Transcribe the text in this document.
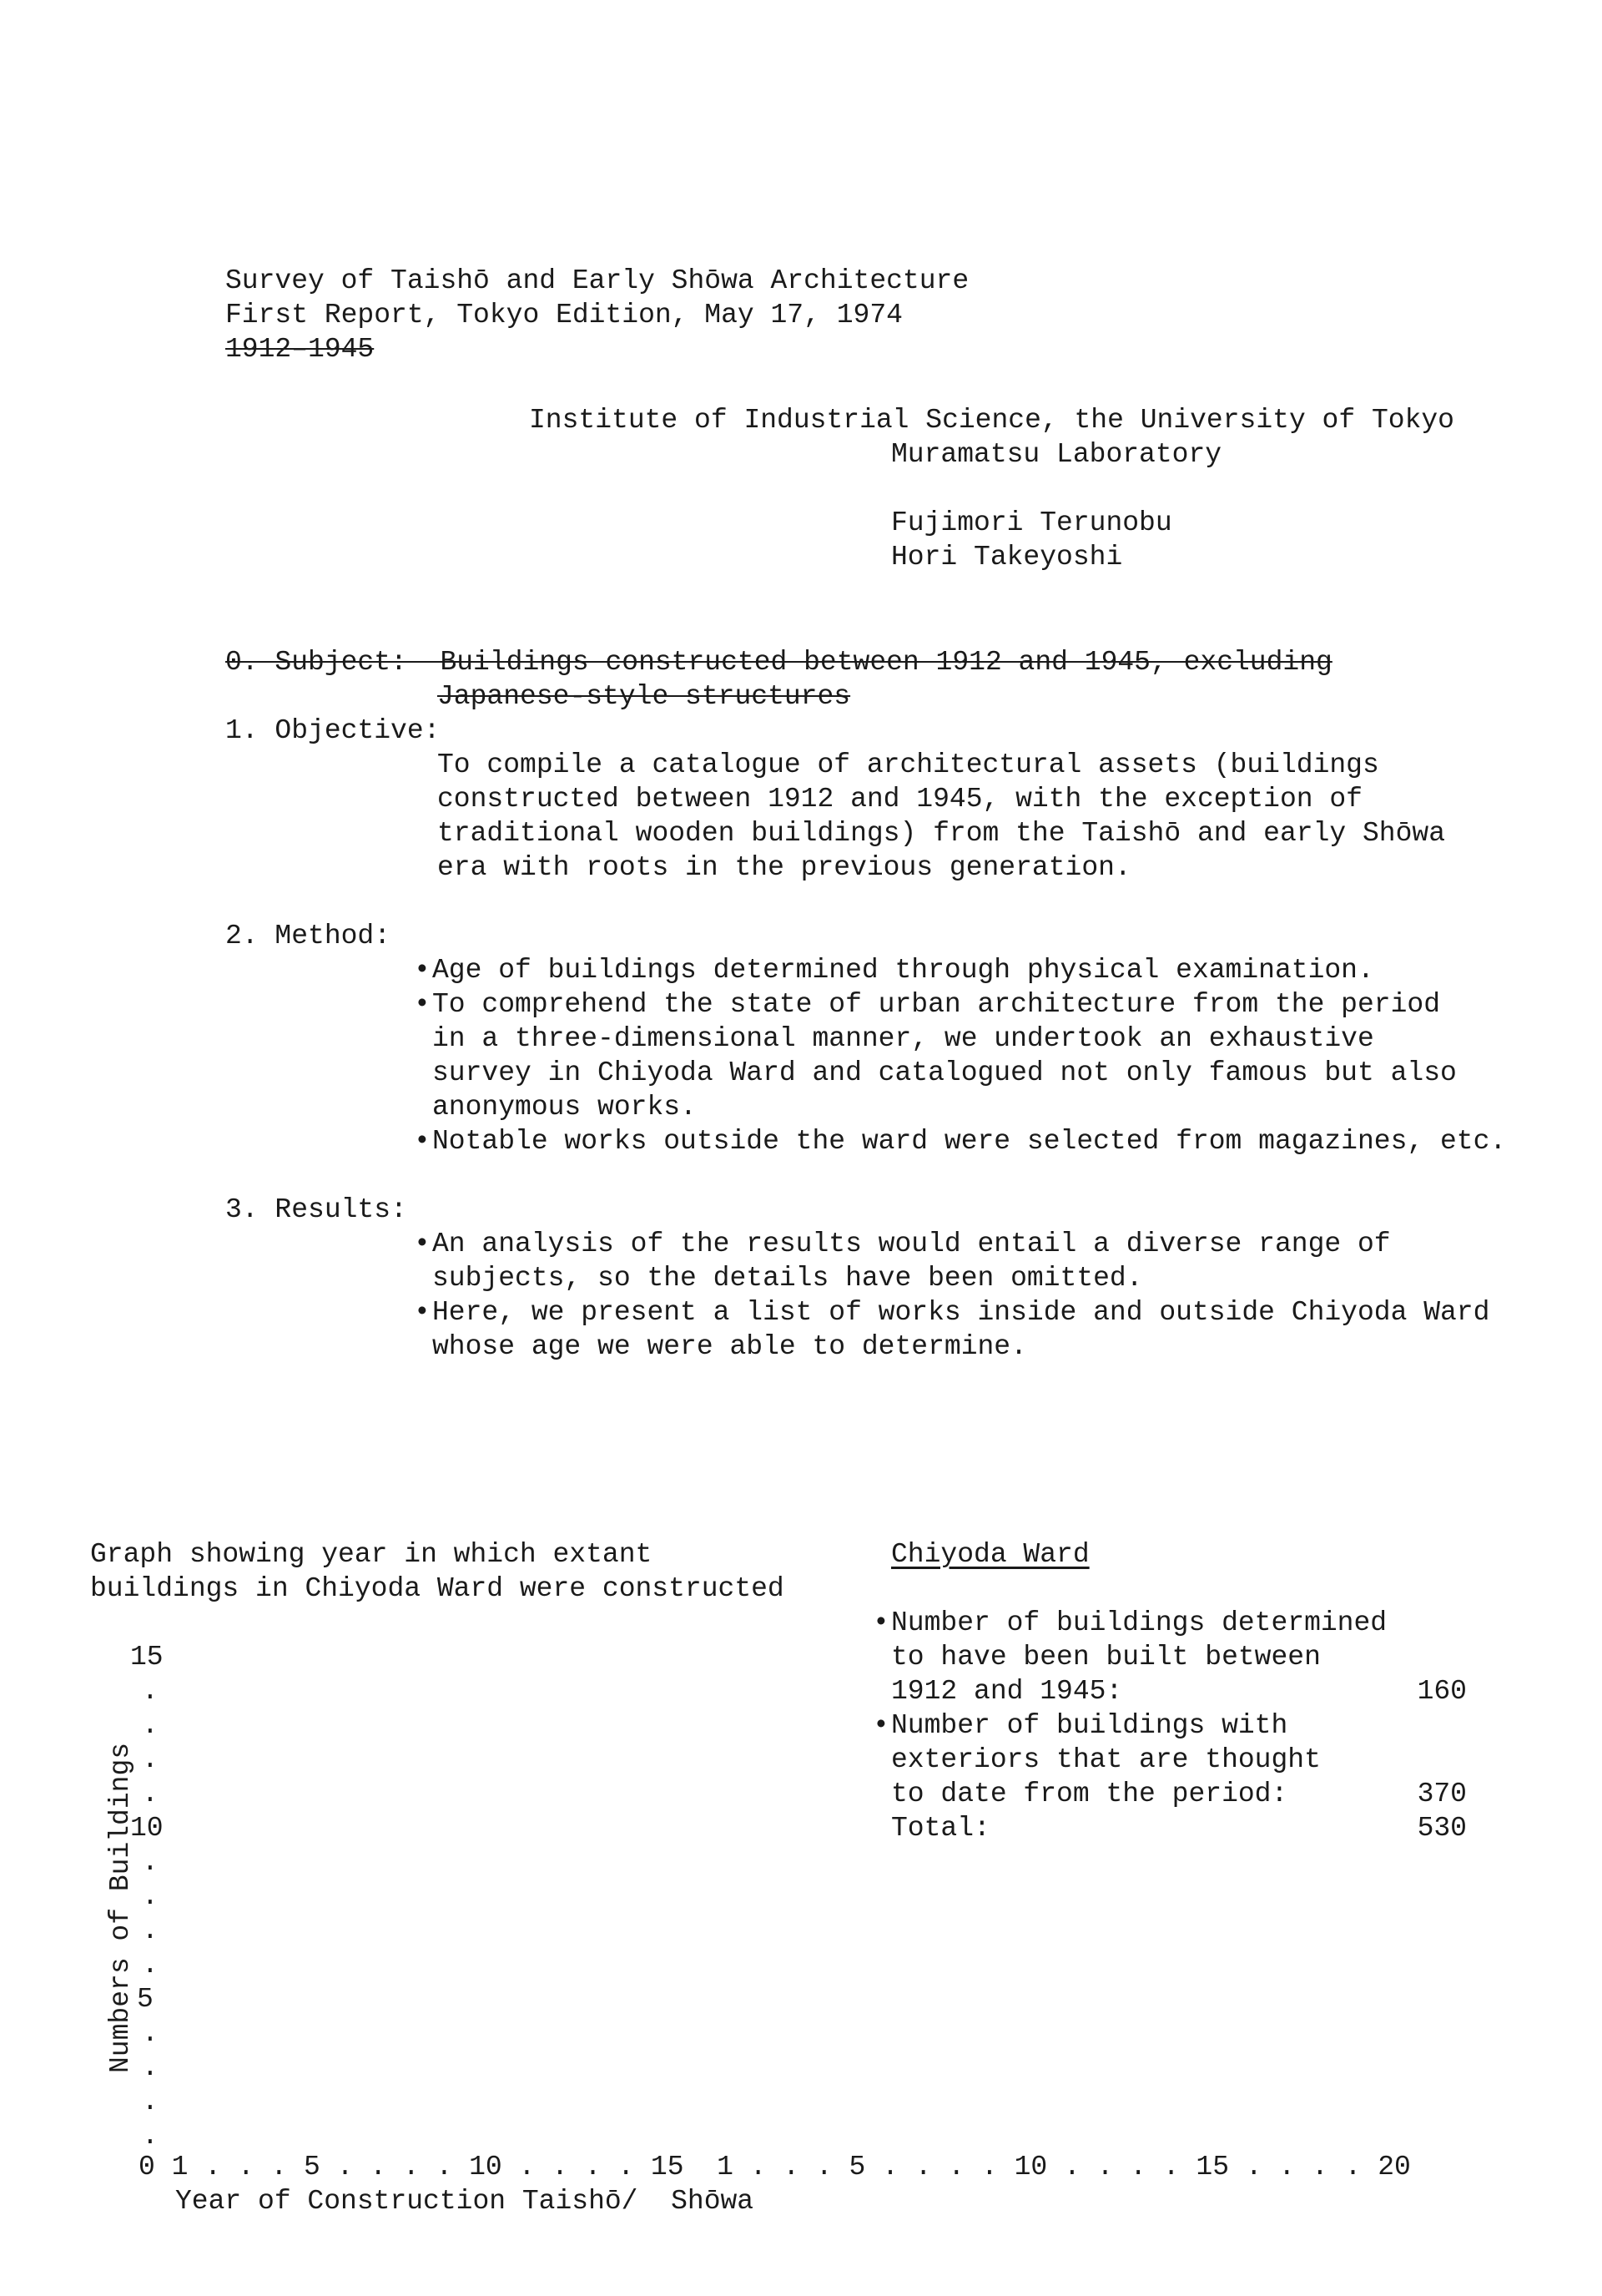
Survey of Taishō and Early Shōwa Architecture
First Report, Tokyo Edition, May 17, 1974
1912–1945
Institute of Industrial Science, the University of Tokyo
Muramatsu Laboratory
Fujimori Terunobu
Hori Takeyoshi
0. Subject:  Buildings constructed between 1912 and 1945, excluding
Japanese-style structures
1. Objective:

To compile a catalogue of architectural assets (buildings

constructed between 1912 and 1945, with the exception of

traditional wooden buildings) from the Taishō and early Shōwa

era with roots in the previous generation.

2. Method:
• Age of buildings determined through physical examination.

• To comprehend the state of urban architecture from the period

in a three-dimensional manner, we undertook an exhaustive

survey in Chiyoda Ward and catalogued not only famous but also

anonymous works.

• Notable works outside the ward were selected from magazines, etc.

3. Results:
• An analysis of the results would entail a diverse range of

subjects, so the details have been omitted.

• Here, we present a list of works inside and outside Chiyoda Ward

whose age we were able to determine.

Graph showing year in which extant
buildings in Chiyoda Ward were constructed
Numbers of Buildings
15
.
.
.
.
10
.
.
.
.
5
.
.
.
.
0 1 . . . 5 . . . . 10 . . . . 15  1 . . . 5 . . . . 10 . . . . 15 . . . . 20
Year of Construction Taishō/  Shōwa
Chiyoda Ward
• Number of buildings determined

to have been built between

1912 and 1945:	160
• Number of buildings with

exteriors that are thought

to date from the period:	370

Total:	530
